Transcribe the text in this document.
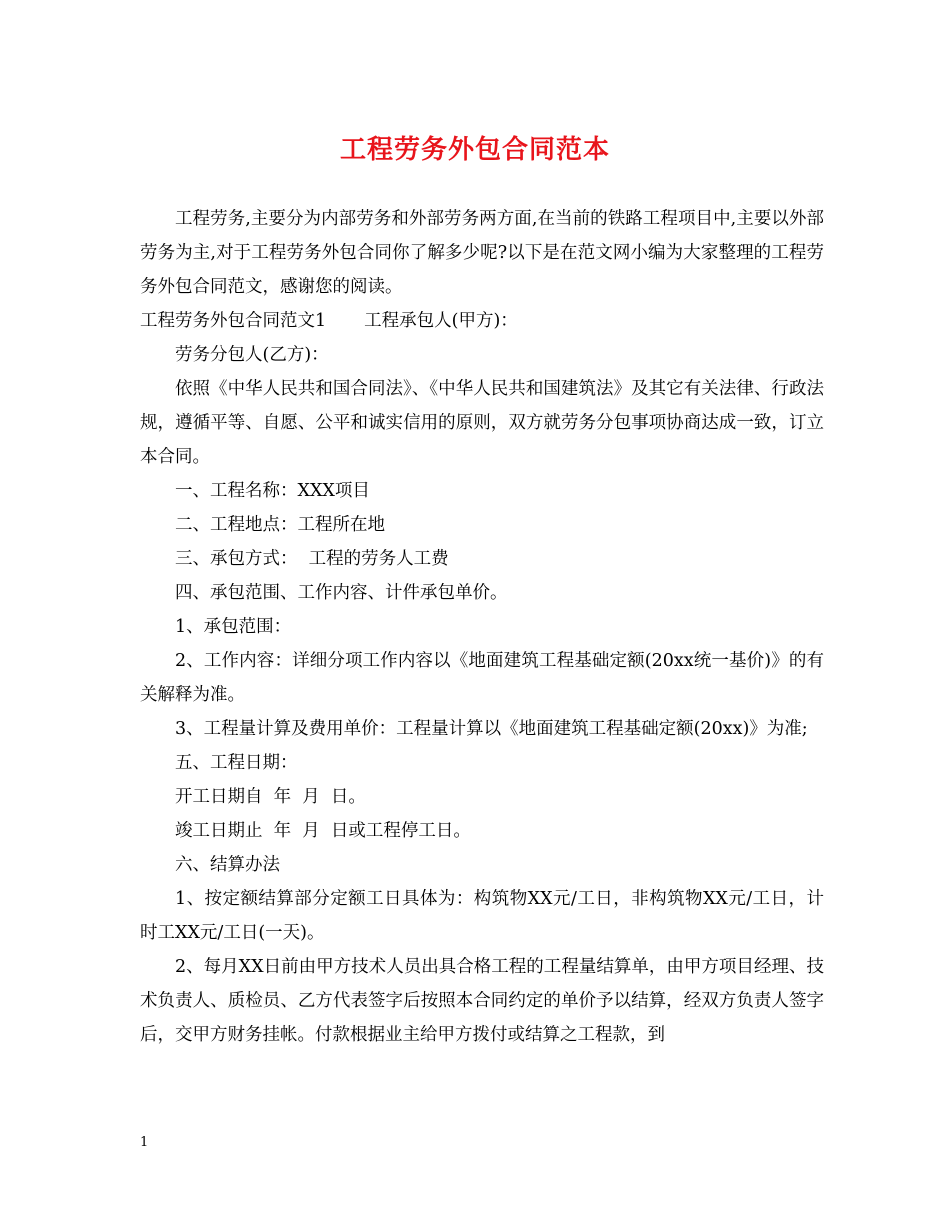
工程劳务外包合同范本

工程劳务,主要分为内部劳务和外部劳务两方面,在当前的铁路工程项目中,主要以外部劳务为主,对于工程劳务外包合同你了解多少呢?以下是在范文网小编为大家整理的工程劳务外包合同范文，感谢您的阅读。

工程劳务外包合同范文1 工程承包人(甲方)：

劳务分包人(乙方)：

依照《中华人民共和国合同法》、《中华人民共和国建筑法》及其它有关法律、行政法规，遵循平等、自愿、公平和诚实信用的原则，双方就劳务分包事项协商达成一致，订立本合同。

一、工程名称：XXX项目

二、工程地点：工程所在地

三、承包方式：  工程的劳务人工费

四、承包范围、工作内容、计件承包单价。

1、承包范围：

2、工作内容：详细分项工作内容以《地面建筑工程基础定额(20xx统一基价)》的有关解释为准。

3、工程量计算及费用单价：工程量计算以《地面建筑工程基础定额(20xx)》为准;

五、工程日期：

开工日期自  年  月  日。

竣工日期止  年  月  日或工程停工日。

六、结算办法

1、按定额结算部分定额工日具体为：构筑物XX元/工日，非构筑物XX元/工日，计时工XX元/工日(一天)。

2、每月XX日前由甲方技术人员出具合格工程的工程量结算单，由甲方项目经理、技术负责人、质检员、乙方代表签字后按照本合同约定的单价予以结算，经双方负责人签字后，交甲方财务挂帐。付款根据业主给甲方拨付或结算之工程款，到

1
